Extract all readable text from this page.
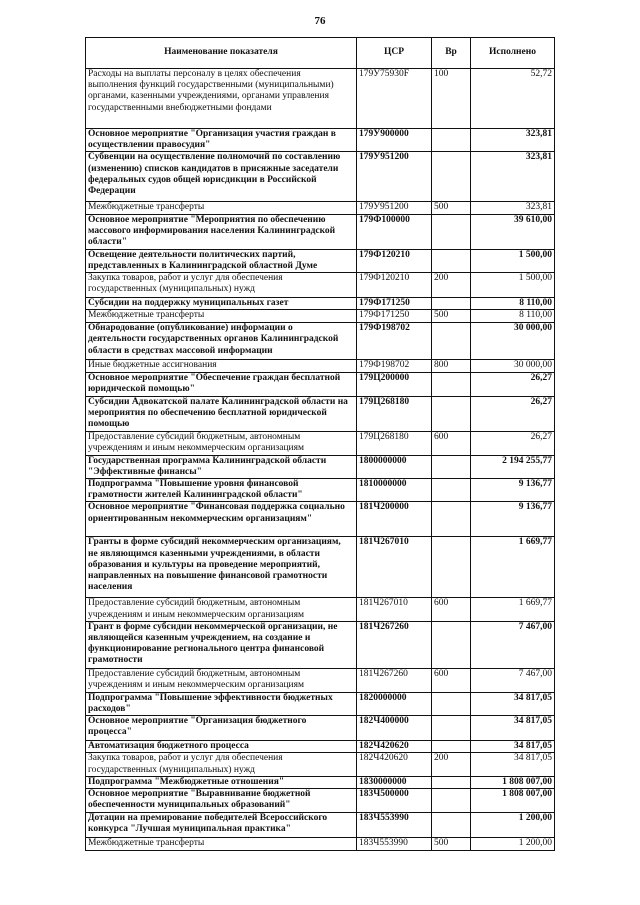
76
Наименование показателя	ЦСР	Вр	Исполнено
Расходы на выплаты персоналу в целях обеспечения
выполнения функций государственными (муниципальными)
органами, казенными учреждениями, органами управления
государственными внебюджетными фондами	179У75930F	100	52,72
Основное мероприятие "Организация участия граждан в
осуществлении правосудия"	179У900000		323,81
Субвенции на осуществление полномочий по составлению
(изменению) списков кандидатов в присяжные заседатели
федеральных судов общей юрисдикции в Российской
Федерации	179У951200		323,81
Межбюджетные трансферты	179У951200	500	323,81
Основное мероприятие "Мероприятия по обеспечению
массового информирования населения Калининградской
области"	179Ф100000		39 610,00
Освещение деятельности политических партий,
представленных в Калининградской областной Думе	179Ф120210		1 500,00
Закупка товаров, работ и услуг для обеспечения
государственных (муниципальных) нужд	179Ф120210	200	1 500,00
Субсидии на поддержку муниципальных газет	179Ф171250		8 110,00
Межбюджетные трансферты	179Ф171250	500	8 110,00
Обнародование (опубликование) информации о
деятельности государственных органов Калининградской
области в средствах массовой информации	179Ф198702		30 000,00
Иные бюджетные ассигнования	179Ф198702	800	30 000,00
Основное мероприятие "Обеспечение граждан бесплатной
юридической помощью"	179Ц200000		26,27
Субсидии Адвокатской палате Калининградской области на
мероприятия по обеспечению бесплатной юридической
помощью	179Ц268180		26,27
Предоставление субсидий бюджетным, автономным
учреждениям и иным некоммерческим организациям	179Ц268180	600	26,27
Государственная программа Калининградской области
"Эффективные финансы"	1800000000		2 194 255,77
Подпрограмма "Повышение уровня финансовой
грамотности жителей Калининградской области"	1810000000		9 136,77
Основное мероприятие "Финансовая поддержка социально
ориентированным некоммерческим организациям"	181Ч200000		9 136,77
Гранты в форме субсидий некоммерческим организациям,
не являющимся казенными учреждениями, в области
образования и культуры на проведение мероприятий,
направленных на повышение финансовой грамотности
населения	181Ч267010		1 669,77
Предоставление субсидий бюджетным, автономным
учреждениям и иным некоммерческим организациям	181Ч267010	600	1 669,77
Грант в форме субсидии некоммерческой организации, не
являющейся казенным учреждением, на создание и
функционирование регионального центра финансовой
грамотности	181Ч267260		7 467,00
Предоставление субсидий бюджетным, автономным
учреждениям и иным некоммерческим организациям	181Ч267260	600	7 467,00
Подпрограмма "Повышение эффективности бюджетных
расходов"	1820000000		34 817,05
Основное мероприятие "Организация бюджетного
процесса"	182Ч400000		34 817,05
Автоматизация бюджетного процесса	182Ч420620		34 817,05
Закупка товаров, работ и услуг для обеспечения
государственных (муниципальных) нужд	182Ч420620	200	34 817,05
Подпрограмма "Межбюджетные отношения"	1830000000		1 808 007,00
Основное мероприятие "Выравнивание бюджетной
обеспеченности муниципальных образований"	183Ч500000		1 808 007,00
Дотации на премирование победителей Всероссийского
конкурса "Лучшая муниципальная практика"	183Ч553990		1 200,00
Межбюджетные трансферты	183Ч553990	500	1 200,00
